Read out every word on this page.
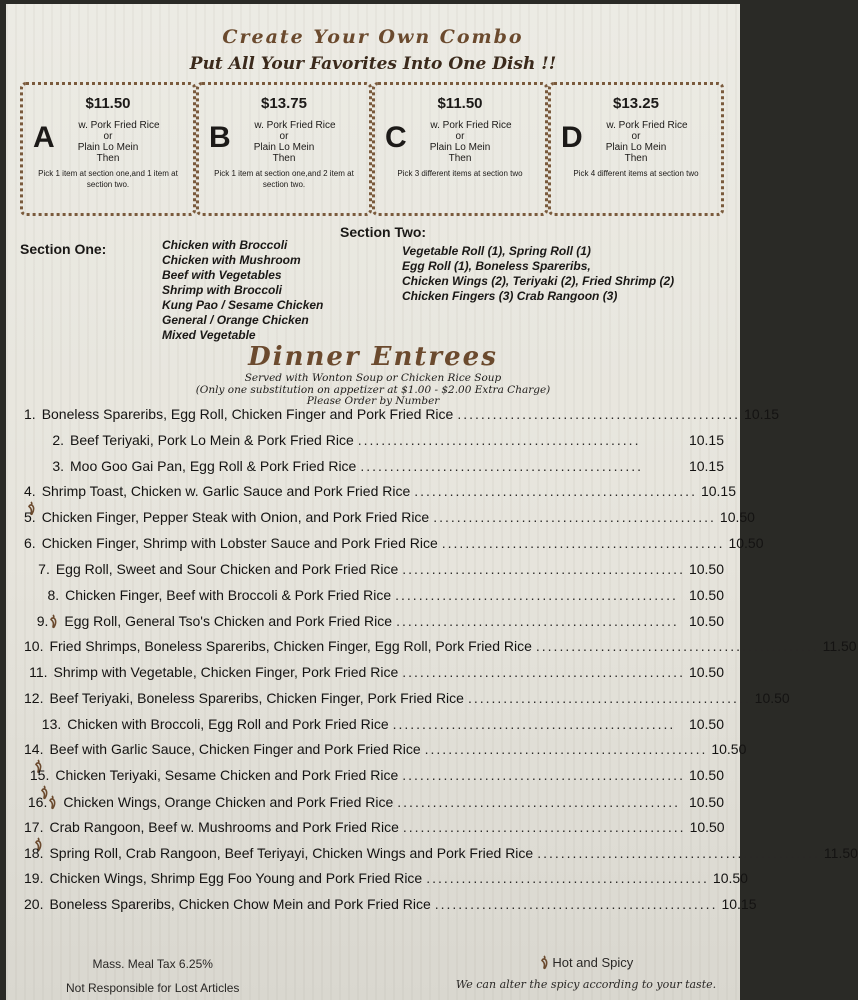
Create Your Own Combo
Put All Your Favorites Into One Dish !!
$11.50
A	w. Pork Fried Rice
or
Plain Lo Mein
Then
Pick 1 item at section one,and 1 item at section two.
$13.75
B	w. Pork Fried Rice
or
Plain Lo Mein
Then
Pick 1 item at section one,and 2 item at section two.
$11.50
C	w. Pork Fried Rice
or
Plain Lo Mein
Then
Pick 3 different items at section two
$13.25
D	w. Pork Fried Rice
or
Plain Lo Mein
Then
Pick 4 different items at section two
Section One:	Chicken with Broccoli
Chicken with Mushroom
Beef with Vegetables
Shrimp with Broccoli
Kung Pao / Sesame Chicken
General / Orange Chicken
Mixed Vegetable
Section Two:
Vegetable Roll (1), Spring Roll (1)
Egg Roll (1), Boneless Spareribs,
Chicken Wings (2), Teriyaki (2), Fried Shrimp (2)
Chicken Fingers (3) Crab Rangoon (3)
Dinner Entrees
Served with Wonton Soup or Chicken Rice Soup
(Only one substitution on appetizer at $1.00 - $2.00 Extra Charge)
Please Order by Number
1. Boneless Spareribs, Egg Roll, Chicken Finger and Pork Fried Rice ................................................ 10.15
2. Beef Teriyaki, Pork Lo Mein & Pork Fried Rice ................................................	10.15
3. Moo Goo Gai Pan, Egg Roll & Pork Fried Rice ................................................	10.15
4. Shrimp Toast, Chicken w. Garlic Sauce and Pork Fried Rice ................................................ 10.15
5. Chicken Finger, Pepper Steak with Onion, and Pork Fried Rice ................................................ 10.50
6. Chicken Finger, Shrimp with Lobster Sauce and Pork Fried Rice ................................................ 10.50
7. Egg Roll, Sweet and Sour Chicken and Pork Fried Rice ................................................ 10.50
8. Chicken Finger, Beef with Broccoli & Pork Fried Rice ................................................ 10.50
9.	Egg Roll, General Tso's Chicken and Pork Fried Rice ................................................ 10.50
10. Fried Shrimps, Boneless Spareribs, Chicken Finger, Egg Roll, Pork Fried Rice ................................................ 11.50
11. Shrimp with Vegetable, Chicken Finger, Pork Fried Rice ................................................ 10.50
12. Beef Teriyaki, Boneless Spareribs, Chicken Finger, Pork Fried Rice ................................................ 10.50
13. Chicken with Broccoli, Egg Roll and Pork Fried Rice ................................................ 10.50
14. Beef with Garlic Sauce, Chicken Finger and Pork Fried Rice ................................................ 10.50
15. Chicken Teriyaki, Sesame Chicken and Pork Fried Rice ................................................ 10.50
16.	Chicken Wings, Orange Chicken and Pork Fried Rice ................................................ 10.50
17. Crab Rangoon, Beef w. Mushrooms and Pork Fried Rice ................................................ 10.50
18. Spring Roll, Crab Rangoon, Beef Teriyayi, Chicken Wings and Pork Fried Rice ................................................ 11.50
19. Chicken Wings, Shrimp Egg Foo Young and Pork Fried Rice ................................................ 10.50
20. Boneless Spareribs, Chicken Chow Mein and Pork Fried Rice ................................................ 10.15
Mass. Meal Tax 6.25%
Not Responsible for Lost Articles
Hot and Spicy
We can alter the spicy according to your taste.
